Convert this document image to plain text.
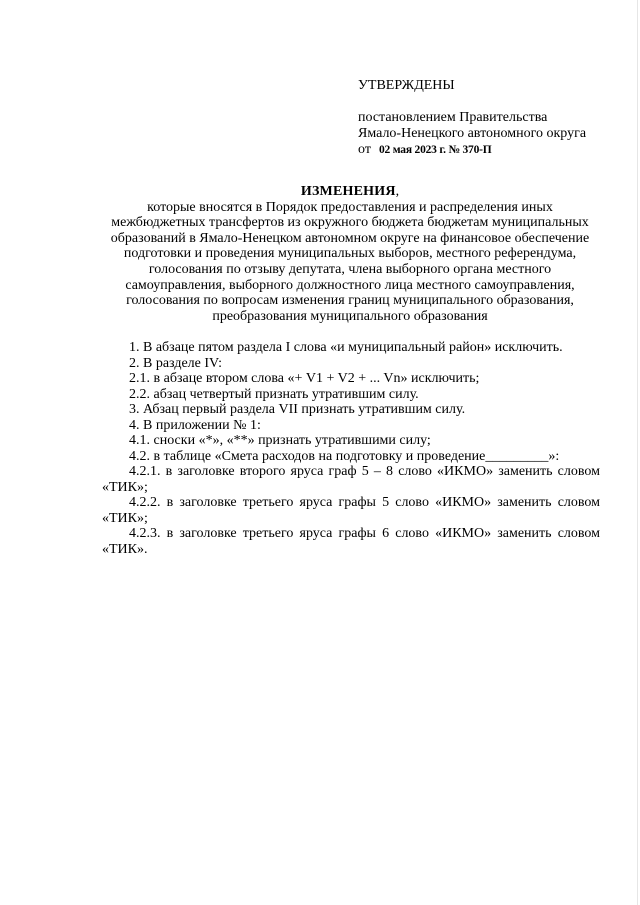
УТВЕРЖДЕНЫ
постановлением Правительства
Ямало-Ненецкого автономного округа
от 02 мая 2023 г. № 370-П
ИЗМЕНЕНИЯ,
которые вносятся в Порядок предоставления и распределения иных
межбюджетных трансфертов из окружного бюджета бюджетам муниципальных
образований в Ямало-Ненецком автономном округе на финансовое обеспечение
подготовки и проведения муниципальных выборов, местного референдума,
голосования по отзыву депутата, члена выборного органа местного
самоуправления, выборного должностного лица местного самоуправления,
голосования по вопросам изменения границ муниципального образования,
преобразования муниципального образования

1. В абзаце пятом раздела I слова «и муниципальный район» исключить.

2. В разделе IV:

2.1. в абзаце втором слова «+ V1 + V2 + ... Vn» исключить;

2.2. абзац четвертый признать утратившим силу.

3. Абзац первый раздела VII признать утратившим силу.

4. В приложении № 1:

4.1. сноски «*», «**» признать утратившими силу;

4.2. в таблице «Смета расходов на подготовку и проведение_________»:

4.2.1. в заголовке второго яруса граф 5 – 8 слово «ИКМО» заменить словом «ТИК»;

4.2.2. в заголовке третьего яруса графы 5 слово «ИКМО» заменить словом «ТИК»;

4.2.3. в заголовке третьего яруса графы 6 слово «ИКМО» заменить словом «ТИК».
